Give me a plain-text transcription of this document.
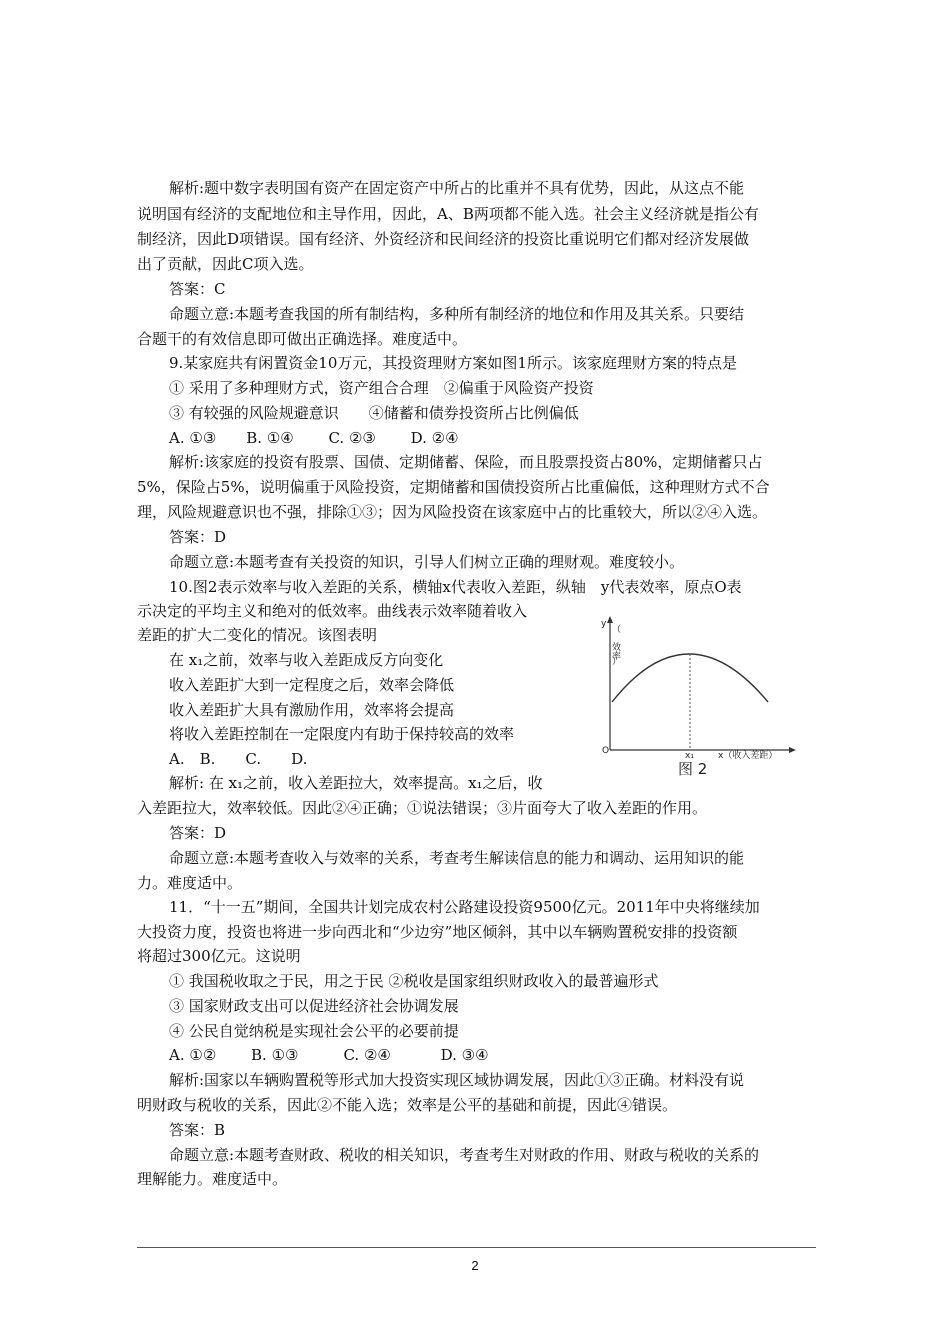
解析:题中数字表明国有资产在固定资产中所占的比重并不具有优势，因此，从这点不能
说明国有经济的支配地位和主导作用，因此，A、B两项都不能入选。社会主义经济就是指公有
制经济，因此D项错误。国有经济、外资经济和民间经济的投资比重说明它们都对经济发展做
出了贡献，因此C项入选。
答案：C
命题立意:本题考查我国的所有制结构，多种所有制经济的地位和作用及其关系。只要结
合题干的有效信息即可做出正确选择。难度适中。
9.某家庭共有闲置资金10万元，其投资理财方案如图1所示。该家庭理财方案的特点是
① 采用了多种理财方式，资产组合合理　②偏重于风险资产投资
③ 有较强的风险规避意识　　④储蓄和债券投资所占比例偏低
A. ①③　　B. ①④　　 C. ②③　　 D. ②④
解析:该家庭的投资有股票、国债、定期储蓄、保险，而且股票投资占80%，定期储蓄只占
5%，保险占5%，说明偏重于风险投资，定期储蓄和国债投资所占比重偏低，这种理财方式不合
理，风险规避意识也不强，排除①③；因为风险投资在该家庭中占的比重较大，所以②④入选。
答案：D
命题立意:本题考查有关投资的知识，引导人们树立正确的理财观。难度较小。
10.图2表示效率与收入差距的关系，横轴x代表收入差距，纵轴　y代表效率，原点O表
示决定的平均主义和绝对的低效率。曲线表示效率随着收入
差距的扩大二变化的情况。该图表明
在 x₁之前，效率与收入差距成反方向变化
收入差距扩大到一定程度之后，效率会降低
收入差距扩大具有激励作用，效率将会提高
将收入差距控制在一定限度内有助于保持较高的效率
A.　B.　　C.　　D.
解析: 在 x₁之前，收入差距拉大，效率提高。x₁之后，收
入差距拉大，效率较低。因此②④正确；①说法错误；③片面夸大了收入差距的作用。
答案：D
命题立意:本题考查收入与效率的关系，考查考生解读信息的能力和调动、运用知识的能
力。难度适中。
11．“十一五”期间，全国共计划完成农村公路建设投资9500亿元。2011年中央将继续加
大投资力度，投资也将进一步向西北和“少边穷”地区倾斜，其中以车辆购置税安排的投资额
将超过300亿元。这说明
① 我国税收取之于民，用之于民 ②税收是国家组织财政收入的最普遍形式
③ 国家财政支出可以促进经济社会协调发展
④ 公民自觉纳税是实现社会公平的必要前提
A. ①②　　 B. ①③　　　C. ②④　　　 D. ③④
解析:国家以车辆购置税等形式加大投资实现区域协调发展，因此①③正确。材料没有说
明财政与税收的关系，因此②不能入选；效率是公平的基础和前提，因此④错误。
答案：B
命题立意:本题考查财政、税收的相关知识，考查考生对财政的作用、财政与税收的关系的
理解能力。难度适中。
y
（
效率
）
O	x₁	x（收入差距）
图 2
2
